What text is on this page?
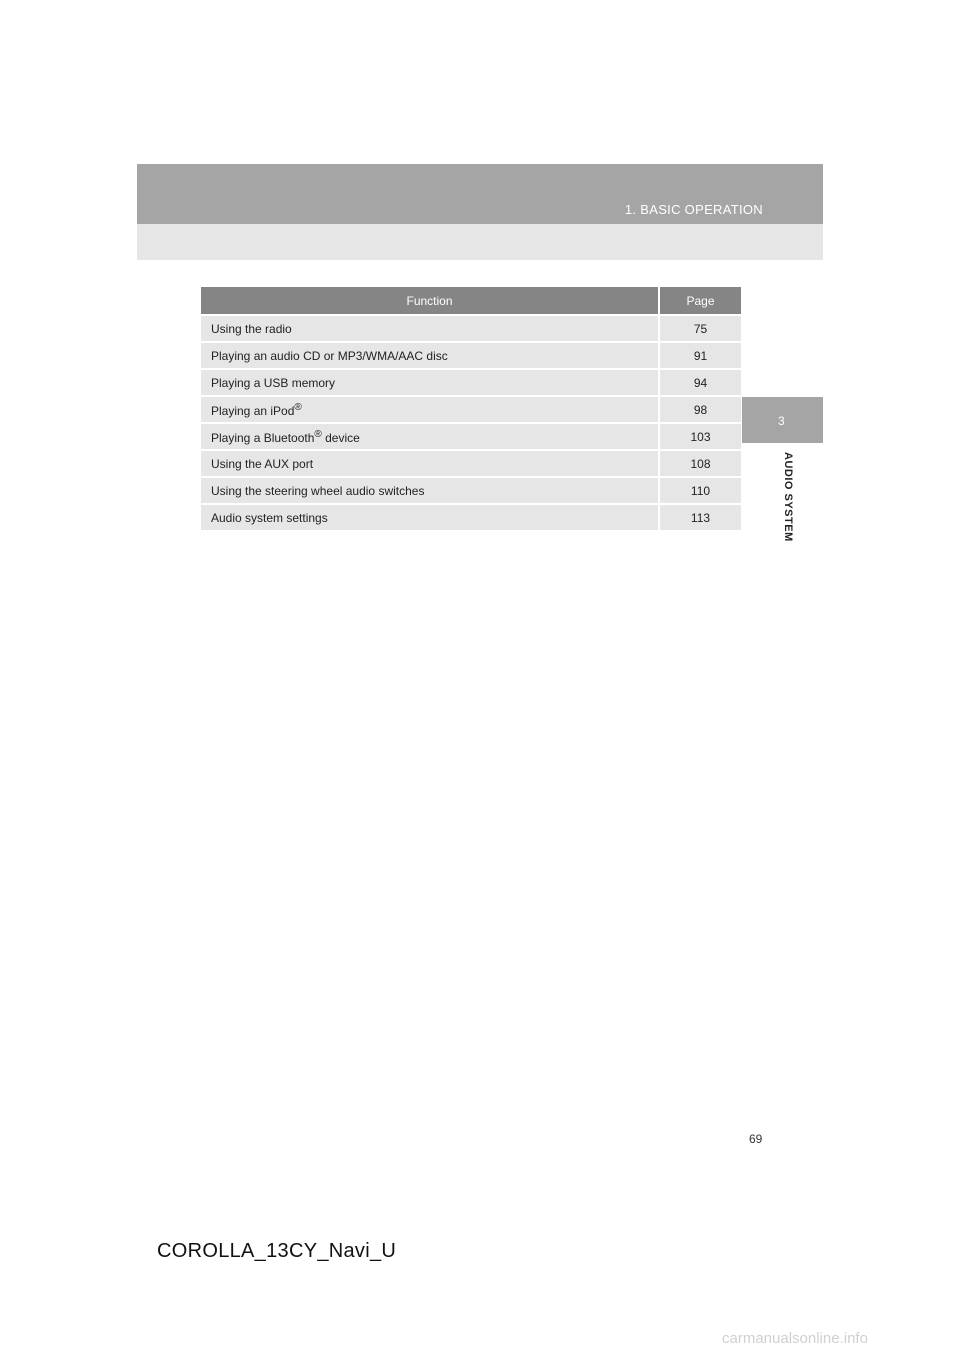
1. BASIC OPERATION
3
AUDIO SYSTEM
Function	Page
Using the radio	75
Playing an audio CD or MP3/WMA/AAC disc	91
Playing a USB memory	94
Playing an iPod®	98
Playing a Bluetooth® device	103
Using the AUX port	108
Using the steering wheel audio switches	110
Audio system settings	113
69
COROLLA_13CY_Navi_U
carmanualsonline.info
